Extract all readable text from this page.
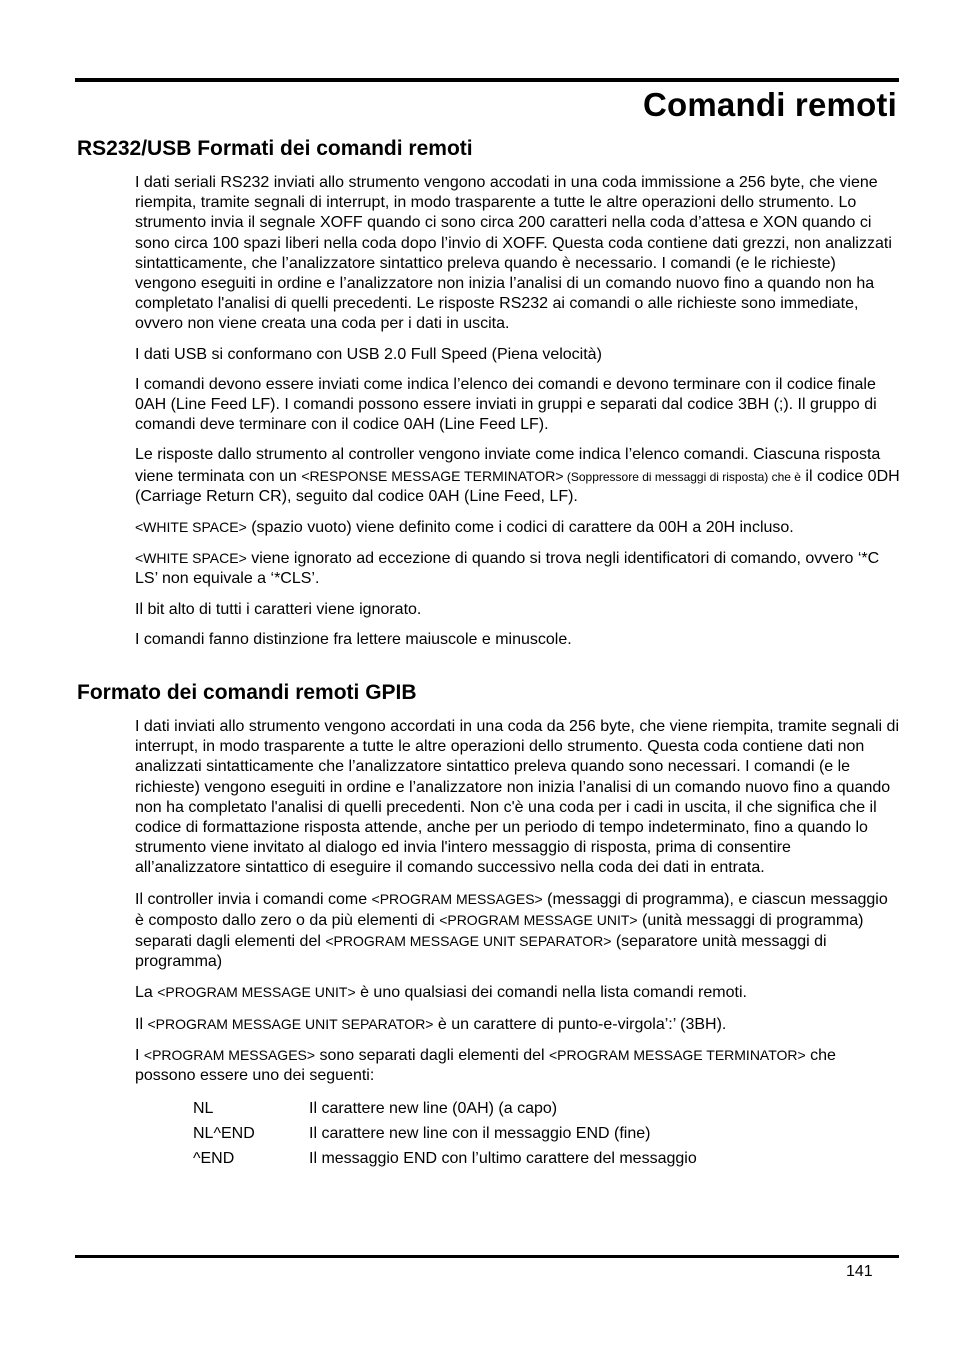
Comandi remoti
RS232/USB Formati dei comandi remoti

I dati seriali RS232 inviati allo strumento vengono accodati in una coda immissione a 256 byte, che viene riempita, tramite segnali di interrupt, in modo trasparente a tutte le altre operazioni dello strumento. Lo strumento invia il segnale XOFF quando ci sono circa 200 caratteri nella coda d’attesa e XON quando ci sono circa 100 spazi liberi nella coda dopo l’invio di XOFF. Questa coda contiene dati grezzi, non analizzati sintatticamente, che l’analizzatore sintattico preleva quando è necessario. I comandi (e le richieste) vengono eseguiti in ordine e l’analizzatore non inizia l’analisi di un comando nuovo fino a quando non ha completato l'analisi di quelli precedenti. Le risposte RS232 ai comandi o alle richieste sono immediate, ovvero non viene creata una coda per i dati in uscita.

I dati USB si conformano con USB 2.0 Full Speed (Piena velocità)

I comandi devono essere inviati come indica l’elenco dei comandi e devono terminare con il codice finale 0AH (Line Feed LF). I comandi possono essere inviati in gruppi e separati dal codice 3BH (;). Il gruppo di comandi deve terminare con il codice 0AH (Line Feed LF).

Le risposte dallo strumento al controller vengono inviate come indica l’elenco comandi. Ciascuna risposta viene terminata con un <RESPONSE MESSAGE TERMINATOR> (Soppressore di messaggi di risposta) che è il codice 0DH (Carriage Return CR), seguito dal codice 0AH (Line Feed, LF).

<WHITE SPACE> (spazio vuoto) viene definito come i codici di carattere da 00H a 20H incluso.

<WHITE SPACE> viene ignorato ad eccezione di quando si trova negli identificatori di comando, ovvero ‘*C LS’ non equivale a ‘*CLS’.

Il bit alto di tutti i caratteri viene ignorato.

I comandi fanno distinzione fra lettere maiuscole e minuscole.

Formato dei comandi remoti GPIB

I dati inviati allo strumento vengono accordati in una coda da 256 byte, che viene riempita, tramite segnali di interrupt, in modo trasparente a tutte le altre operazioni dello strumento. Questa coda contiene dati non analizzati sintatticamente che l’analizzatore sintattico preleva quando sono necessari. I comandi (e le richieste) vengono eseguiti in ordine e l’analizzatore non inizia l’analisi di un comando nuovo fino a quando non ha completato l'analisi di quelli precedenti. Non c'è una coda per i cadi in uscita, il che significa che il codice di formattazione risposta attende, anche per un periodo di tempo indeterminato, fino a quando lo strumento viene invitato al dialogo ed invia l'intero messaggio di risposta, prima di consentire all’analizzatore sintattico di eseguire il comando successivo nella coda dei dati in entrata.

Il controller invia i comandi come <PROGRAM MESSAGES> (messaggi di programma), e ciascun messaggio è composto dallo zero o da più elementi di <PROGRAM MESSAGE UNIT> (unità messaggi di programma) separati dagli elementi del <PROGRAM MESSAGE UNIT SEPARATOR> (separatore unità messaggi di programma)

La <PROGRAM MESSAGE UNIT> è uno qualsiasi dei comandi nella lista comandi remoti.

Il <PROGRAM MESSAGE UNIT SEPARATOR> è un carattere di punto-e-virgola’:’ (3BH).

I <PROGRAM MESSAGES> sono separati dagli elementi del <PROGRAM MESSAGE TERMINATOR> che possono essere uno dei seguenti:

NL	Il carattere new line (0AH) (a capo)
NL^END	Il carattere new line con il messaggio END (fine)
^END	Il messaggio END con l’ultimo carattere del messaggio
141
